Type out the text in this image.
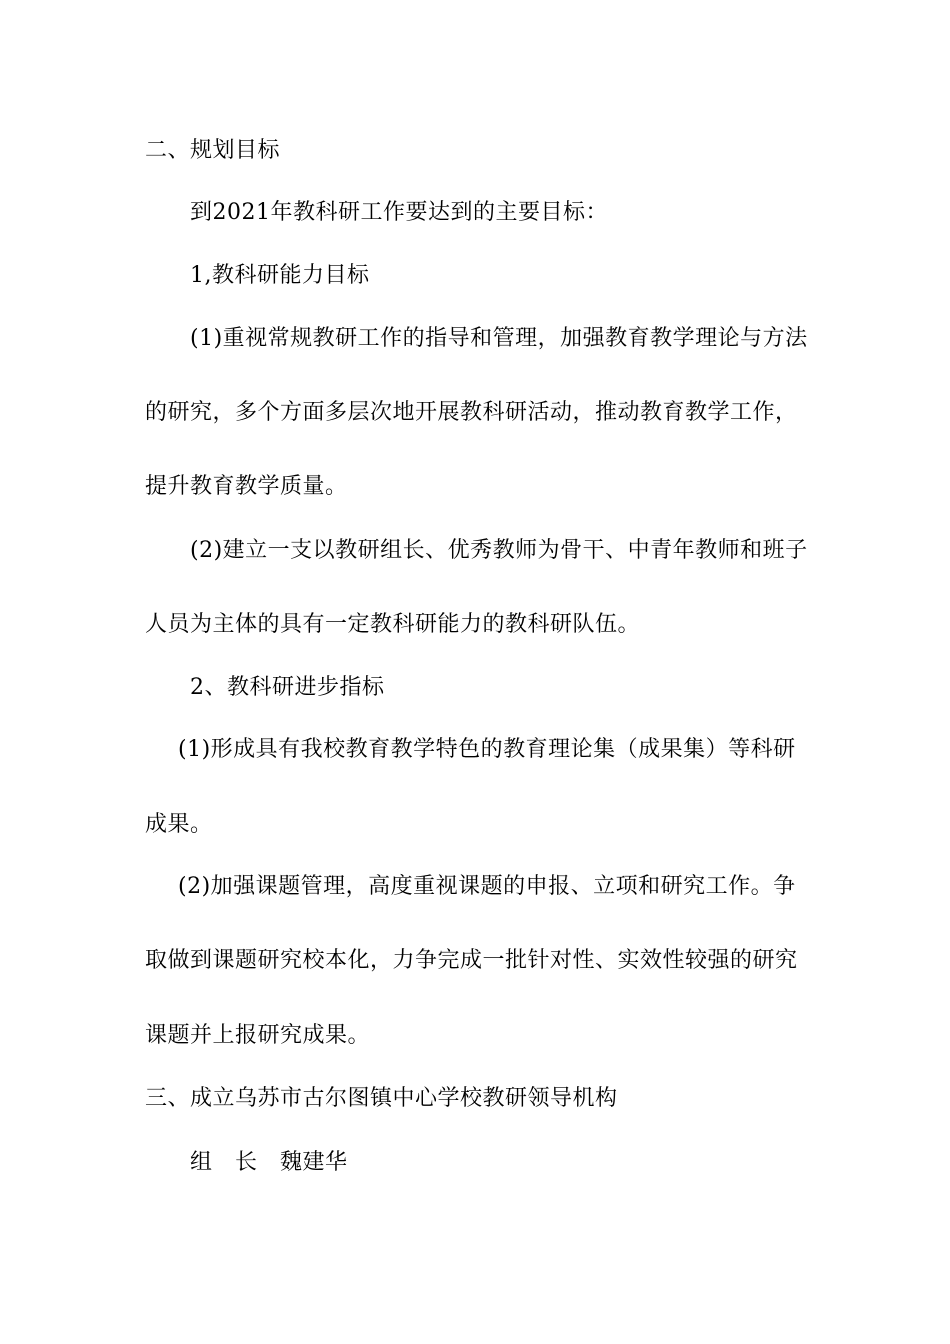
二、规划目标
到2021年教科研工作要达到的主要目标：
1,教科研能力目标
(1)重视常规教研工作的指导和管理，加强教育教学理论与方法
的研究，多个方面多层次地开展教科研活动，推动教育教学工作，
提升教育教学质量。
(2)建立一支以教研组长、优秀教师为骨干、中青年教师和班子
人员为主体的具有一定教科研能力的教科研队伍。
2、教科研进步指标
(1)形成具有我校教育教学特色的教育理论集（成果集）等科研
成果。
(2)加强课题管理，高度重视课题的申报、立项和研究工作。争
取做到课题研究校本化，力争完成一批针对性、实效性较强的研究
课题并上报研究成果。
三、成立乌苏市古尔图镇中心学校教研领导机构
组　长　魏建华
